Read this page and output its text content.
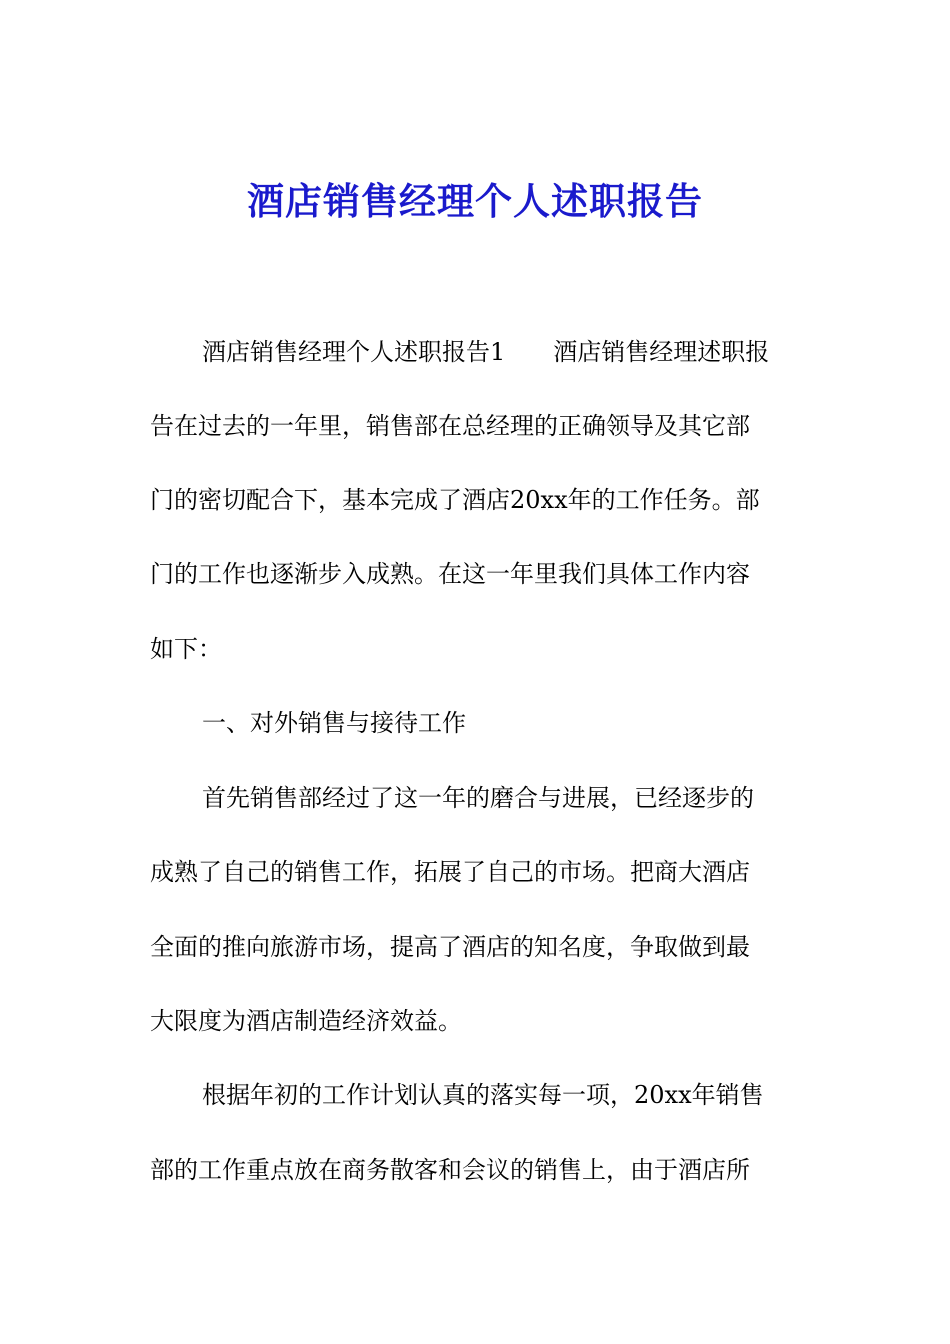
酒店销售经理个人述职报告
酒店销售经理个人述职报告1　　酒店销售经理述职报
告在过去的一年里，销售部在总经理的正确领导及其它部
门的密切配合下，基本完成了酒店20xx年的工作任务。部
门的工作也逐渐步入成熟。在这一年里我们具体工作内容
如下：
一、对外销售与接待工作
首先销售部经过了这一年的磨合与进展，已经逐步的
成熟了自己的销售工作，拓展了自己的市场。把商大酒店
全面的推向旅游市场，提高了酒店的知名度，争取做到最
大限度为酒店制造经济效益。
根据年初的工作计划认真的落实每一项，20xx年销售
部的工作重点放在商务散客和会议的销售上，由于酒店所
